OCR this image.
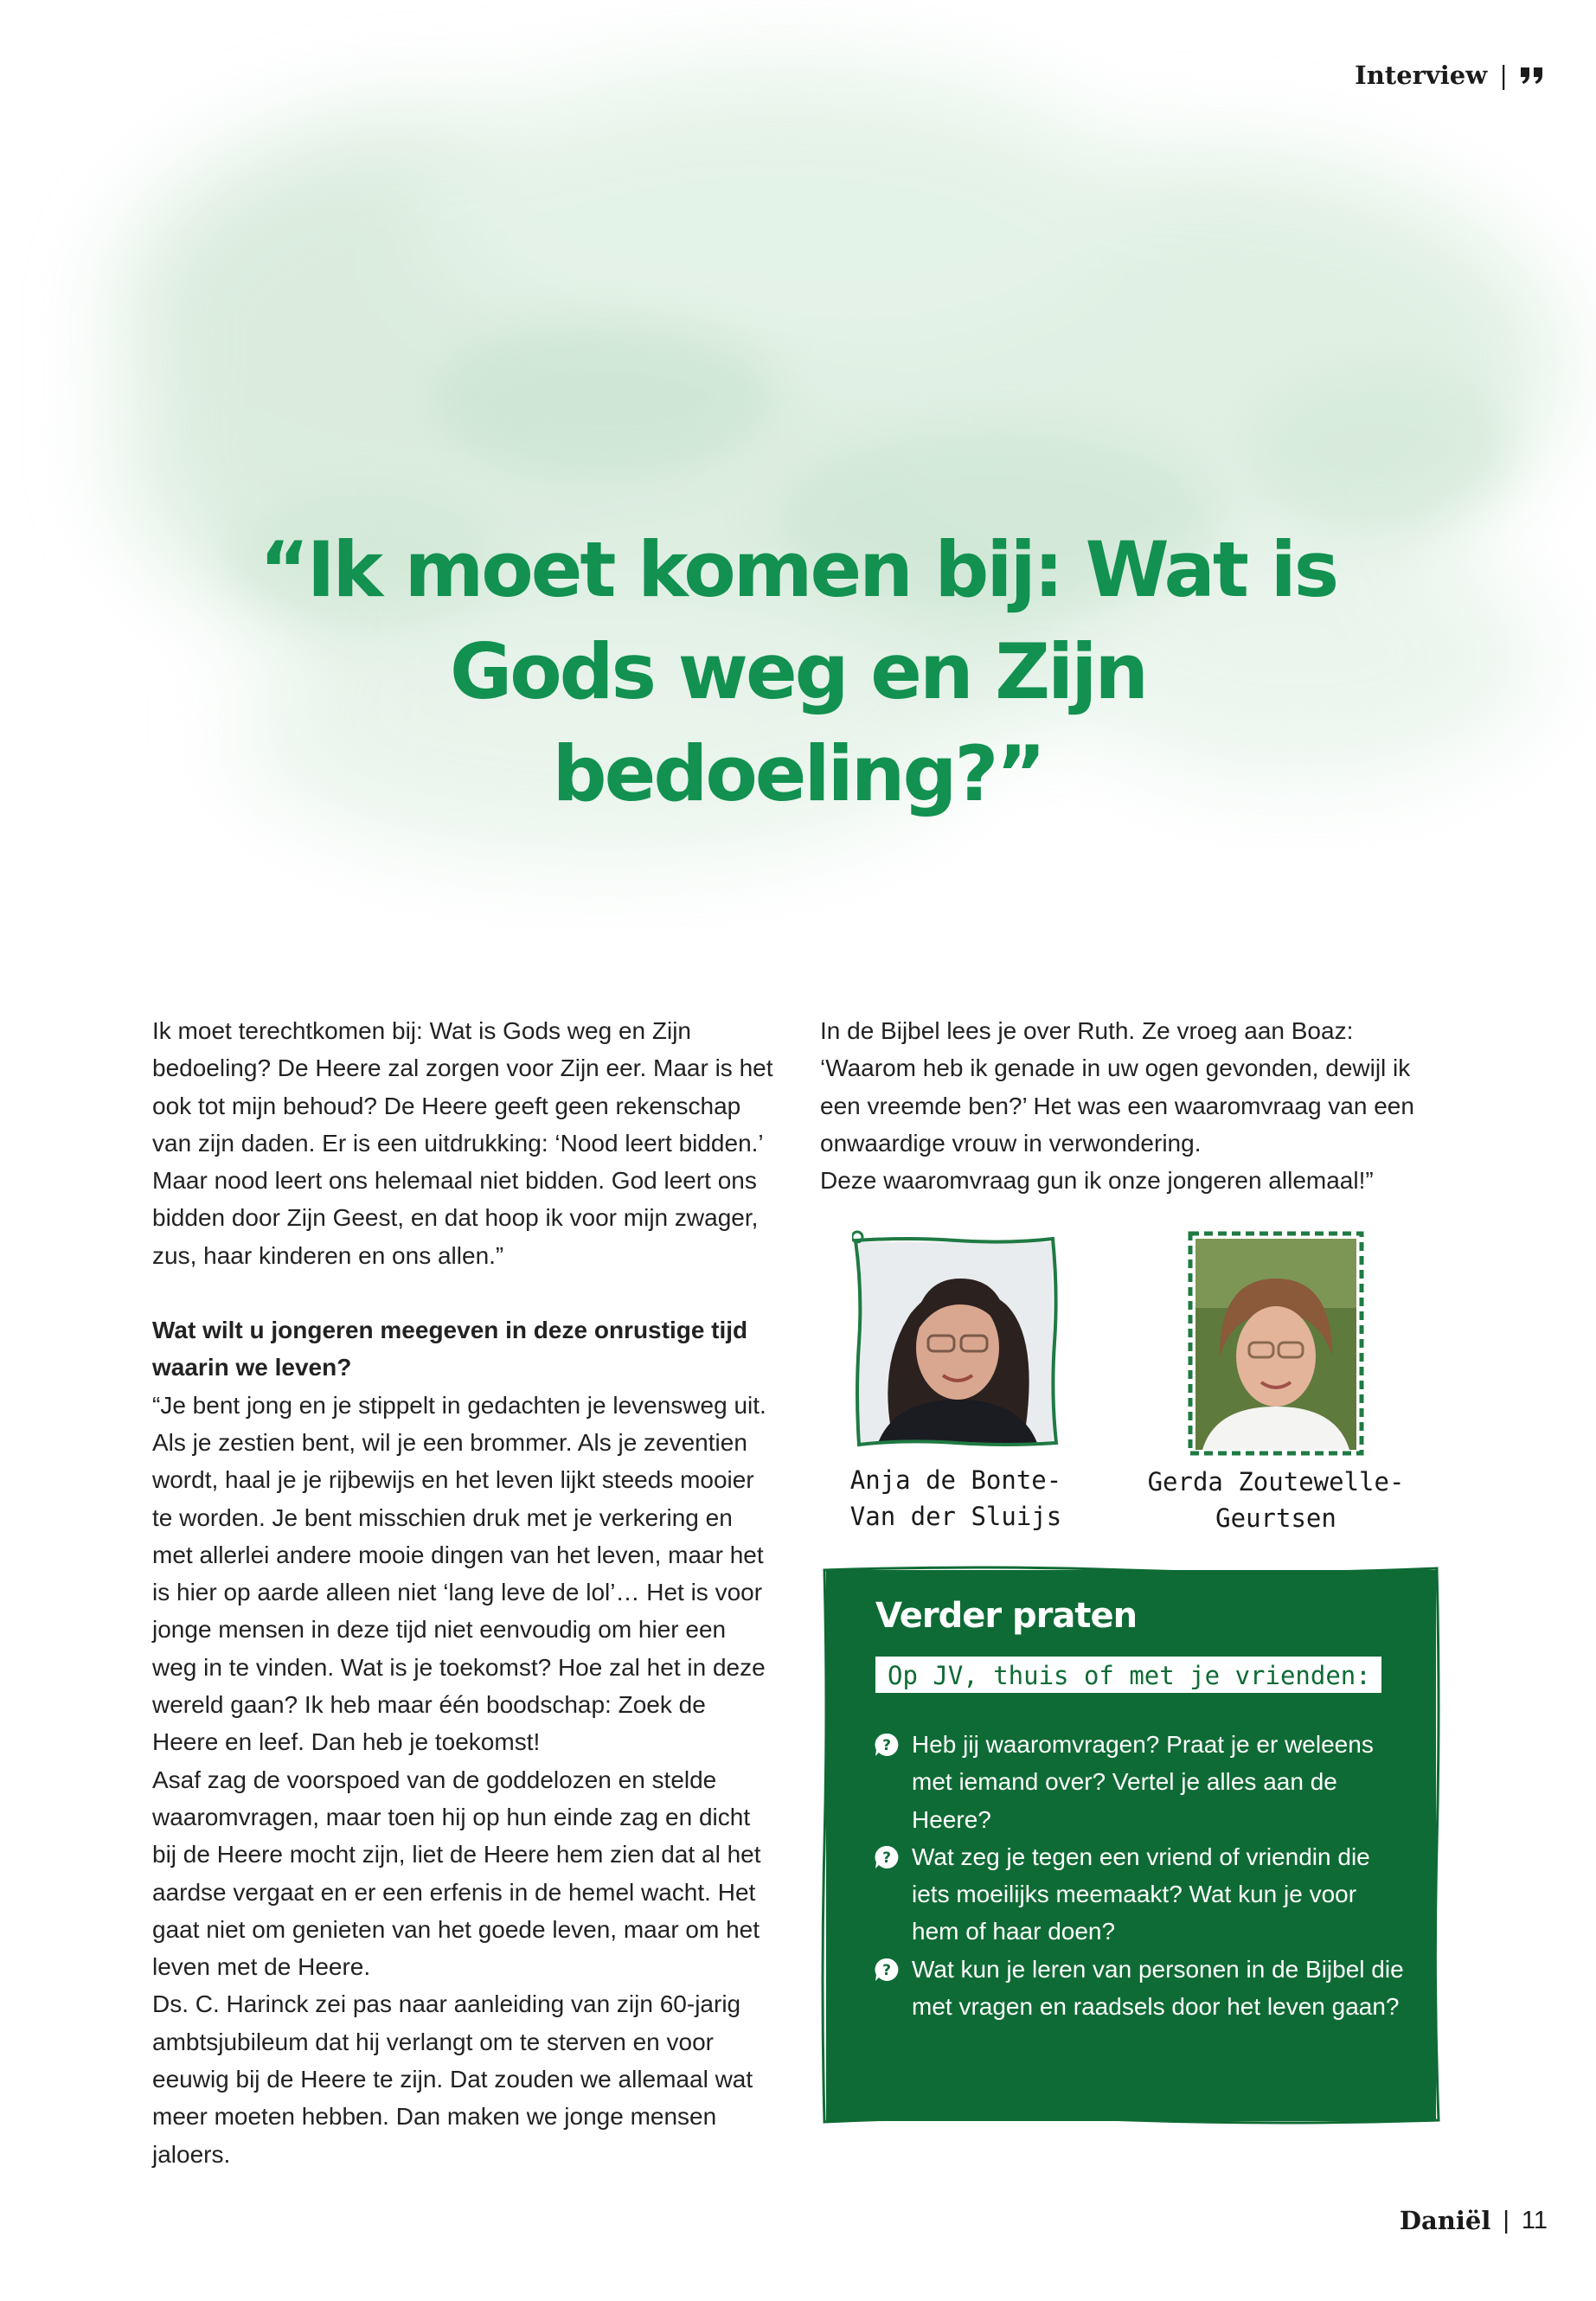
Interview |
“Ik moet komen bij: Wat is
Gods weg en Zijn bedoeling?”

Ik moet terechtkomen bij: Wat is Gods weg en Zijn bedoeling? De Heere zal zorgen voor Zijn eer. Maar is het ook tot mijn behoud? De Heere geeft geen rekenschap van zijn daden. Er is een uitdrukking: ‘Nood leert bidden.’ Maar nood leert ons helemaal niet bidden. God leert ons bidden door Zijn Geest, en dat hoop ik voor mijn zwager, zus, haar kinderen en ons allen.”

Wat wilt u jongeren meegeven in deze onrustige tijd waarin we leven?

“Je bent jong en je stippelt in gedachten je levensweg uit. Als je zestien bent, wil je een brommer. Als je zeventien wordt, haal je je rijbewijs en het leven lijkt steeds mooier te worden. Je bent misschien druk met je verkering en met allerlei andere mooie dingen van het leven, maar het is hier op aarde alleen niet ‘lang leve de lol’… Het is voor jonge mensen in deze tijd niet eenvoudig om hier een weg in te vinden. Wat is je toekomst? Hoe zal het in deze wereld gaan? Ik heb maar één boodschap: Zoek de Heere en leef. Dan heb je toekomst!

Asaf zag de voorspoed van de goddelozen en stelde waaromvragen, maar toen hij op hun einde zag en dicht bij de Heere mocht zijn, liet de Heere hem zien dat al het aardse vergaat en er een erfenis in de hemel wacht. Het gaat niet om genieten van het goede leven, maar om het leven met de Heere.

Ds. C. Harinck zei pas naar aanleiding van zijn 60-jarig ambtsjubileum dat hij verlangt om te sterven en voor eeuwig bij de Heere te zijn. Dat zouden we allemaal wat meer moeten hebben. Dan maken we jonge mensen jaloers.

In de Bijbel lees je over Ruth. Ze vroeg aan Boaz: ‘Waarom heb ik genade in uw ogen gevonden, dewijl ik een vreemde ben?’ Het was een waaromvraag van een onwaardige vrouw in verwondering.

Deze waaromvraag gun ik onze jongeren allemaal!”

Anja de Bonte-
Van der Sluijs
Gerda Zoutewelle-
Geurtsen
Verder praten
Op JV, thuis of met je vrienden:
? Heb jij waaromvragen? Praat je er weleens met iemand over? Vertel je alles aan de Heere?
? Wat zeg je tegen een vriend of vriendin die iets moeilijks meemaakt? Wat kun je voor hem of haar doen?
? Wat kun je leren van personen in de Bijbel die met vragen en raadsels door het leven gaan?
Daniël | 11
